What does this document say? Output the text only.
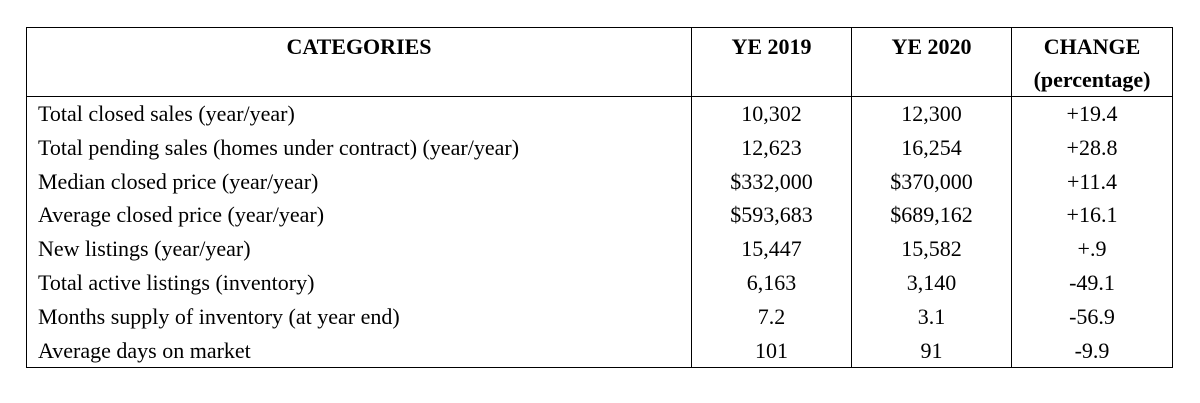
CATEGORIES	YE 2019	YE 2020	CHANGE
(percentage)

Total closed sales (year/year)	10,302	12,300	+19.4
Total pending sales (homes under contract) (year/year)	12,623	16,254	+28.8
Median closed price (year/year)	$332,000	$370,000	+11.4
Average closed price (year/year)	$593,683	$689,162	+16.1
New listings (year/year)	15,447	15,582	+.9
Total active listings (inventory)	6,163	3,140	-49.1
Months supply of inventory (at year end)	7.2	3.1	-56.9
Average days on market	101	91	-9.9
